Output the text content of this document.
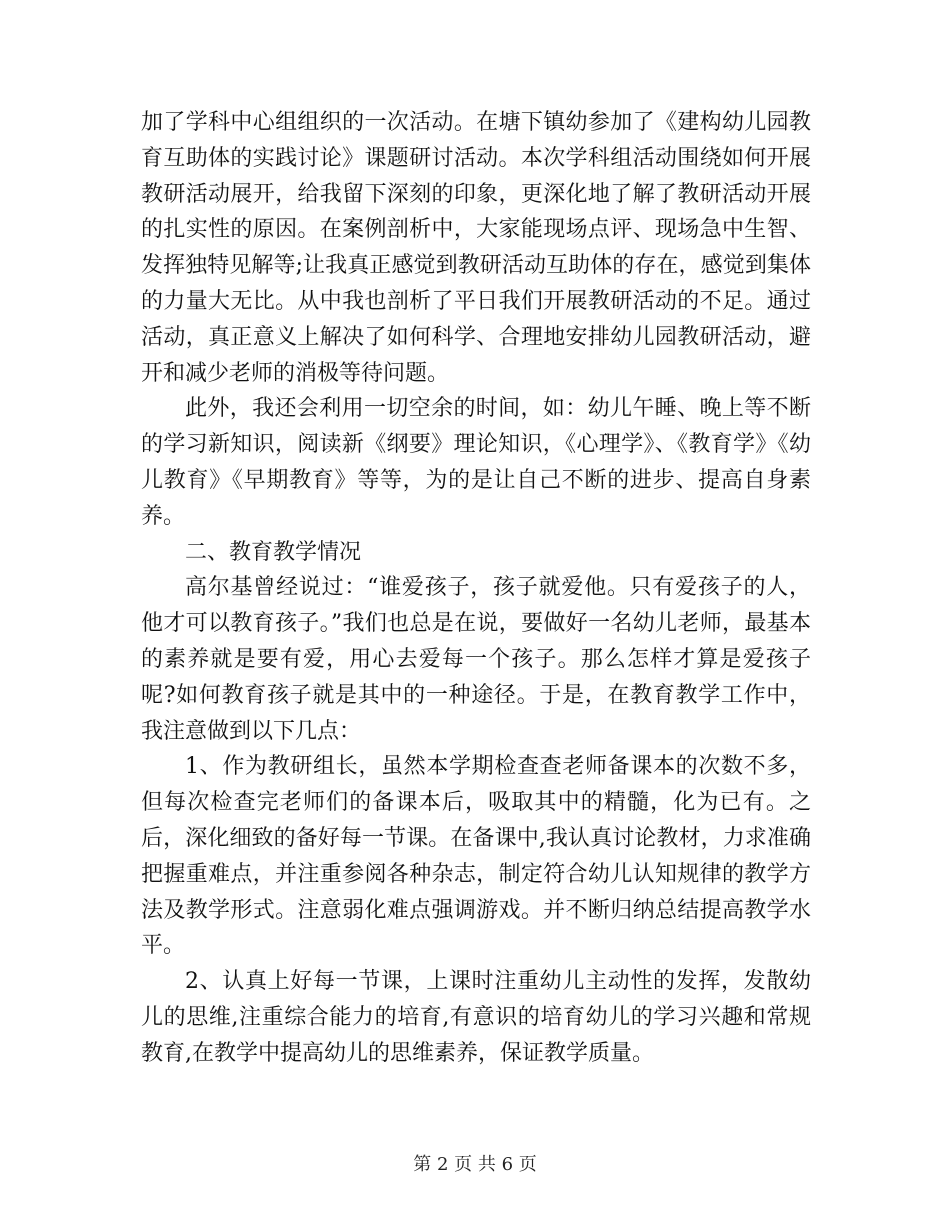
加了学科中心组组织的一次活动。在塘下镇幼参加了《建构幼儿园教育互助体的实践讨论》课题研讨活动。本次学科组活动围绕如何开展教研活动展开，给我留下深刻的印象，更深化地了解了教研活动开展的扎实性的原因。在案例剖析中，大家能现场点评、现场急中生智、发挥独特见解等;让我真正感觉到教研活动互助体的存在，感觉到集体的力量大无比。从中我也剖析了平日我们开展教研活动的不足。通过活动，真正意义上解决了如何科学、合理地安排幼儿园教研活动，避开和减少老师的消极等待问题。

此外，我还会利用一切空余的时间，如：幼儿午睡、晚上等不断的学习新知识，阅读新《纲要》理论知识，《心理学》、《教育学》《幼儿教育》《早期教育》等等，为的是让自己不断的进步、提高自身素养。

二、教育教学情况

高尔基曾经说过：“谁爱孩子，孩子就爱他。只有爱孩子的人，他才可以教育孩子。”我们也总是在说，要做好一名幼儿老师，最基本的素养就是要有爱，用心去爱每一个孩子。那么怎样才算是爱孩子呢?如何教育孩子就是其中的一种途径。于是，在教育教学工作中，我注意做到以下几点：

1、作为教研组长，虽然本学期检查查老师备课本的次数不多，但每次检查完老师们的备课本后，吸取其中的精髓，化为已有。之后，深化细致的备好每一节课。在备课中,我认真讨论教材，力求准确把握重难点，并注重参阅各种杂志，制定符合幼儿认知规律的教学方法及教学形式。注意弱化难点强调游戏。并不断归纳总结提高教学水平。

2、认真上好每一节课，上课时注重幼儿主动性的发挥，发散幼儿的思维,注重综合能力的培育,有意识的培育幼儿的学习兴趣和常规教育,在教学中提高幼儿的思维素养，保证教学质量。

第 2 页 共 6 页
